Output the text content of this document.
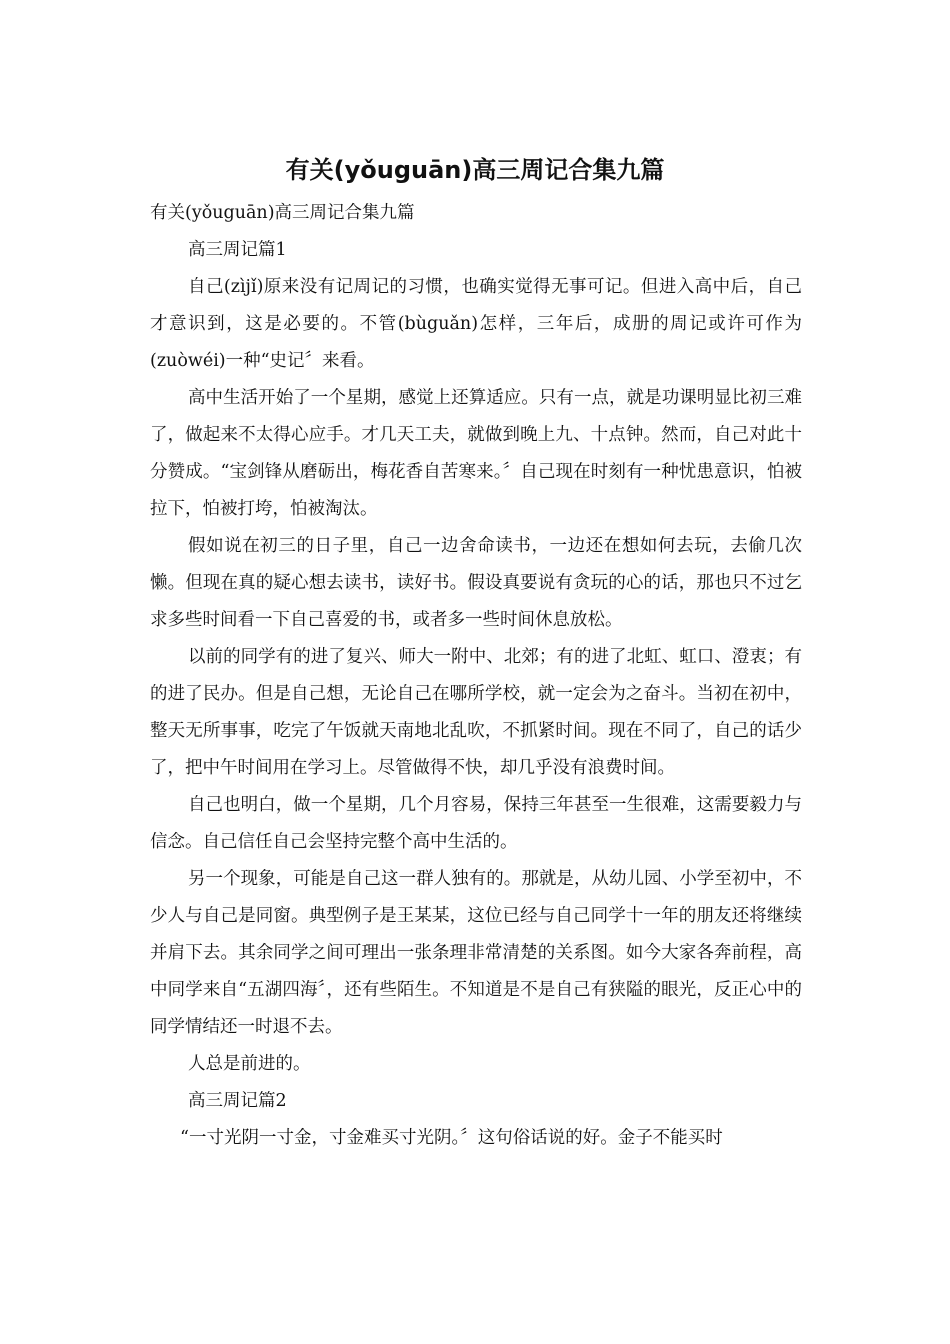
有关(yǒuguān)高三周记合集九篇

有关(yǒuguān)高三周记合集九篇

高三周记篇1

自己(zìjǐ)原来没有记周记的习惯，也确实觉得无事可记。但进入高中后，自己才意识到，这是必要的。不管(bùguǎn)怎样，三年后，成册的周记或许可作为(zuòwéi)一种“史记〞来看。

高中生活开始了一个星期，感觉上还算适应。只有一点，就是功课明显比初三难了，做起来不太得心应手。才几天工夫，就做到晚上九、十点钟。然而，自己对此十分赞成。“宝剑锋从磨砺出，梅花香自苦寒来。〞自己现在时刻有一种忧患意识，怕被拉下，怕被打垮，怕被淘汰。

假如说在初三的日子里，自己一边舍命读书，一边还在想如何去玩，去偷几次懒。但现在真的疑心想去读书，读好书。假设真要说有贪玩的心的话，那也只不过乞求多些时间看一下自己喜爱的书，或者多一些时间休息放松。

以前的同学有的进了复兴、师大一附中、北郊；有的进了北虹、虹口、澄衷；有的进了民办。但是自己想，无论自己在哪所学校，就一定会为之奋斗。当初在初中，整天无所事事，吃完了午饭就天南地北乱吹，不抓紧时间。现在不同了，自己的话少了，把中午时间用在学习上。尽管做得不快，却几乎没有浪费时间。

自己也明白，做一个星期，几个月容易，保持三年甚至一生很难，这需要毅力与信念。自己信任自己会坚持完整个高中生活的。

另一个现象，可能是自己这一群人独有的。那就是，从幼儿园、小学至初中，不少人与自己是同窗。典型例子是王某某，这位已经与自己同学十一年的朋友还将继续并肩下去。其余同学之间可理出一张条理非常清楚的关系图。如今大家各奔前程，高中同学来自“五湖四海〞，还有些陌生。不知道是不是自己有狭隘的眼光，反正心中的同学情结还一时退不去。

人总是前进的。

高三周记篇2

“一寸光阴一寸金，寸金难买寸光阴。〞这句俗话说的好。金子不能买时
